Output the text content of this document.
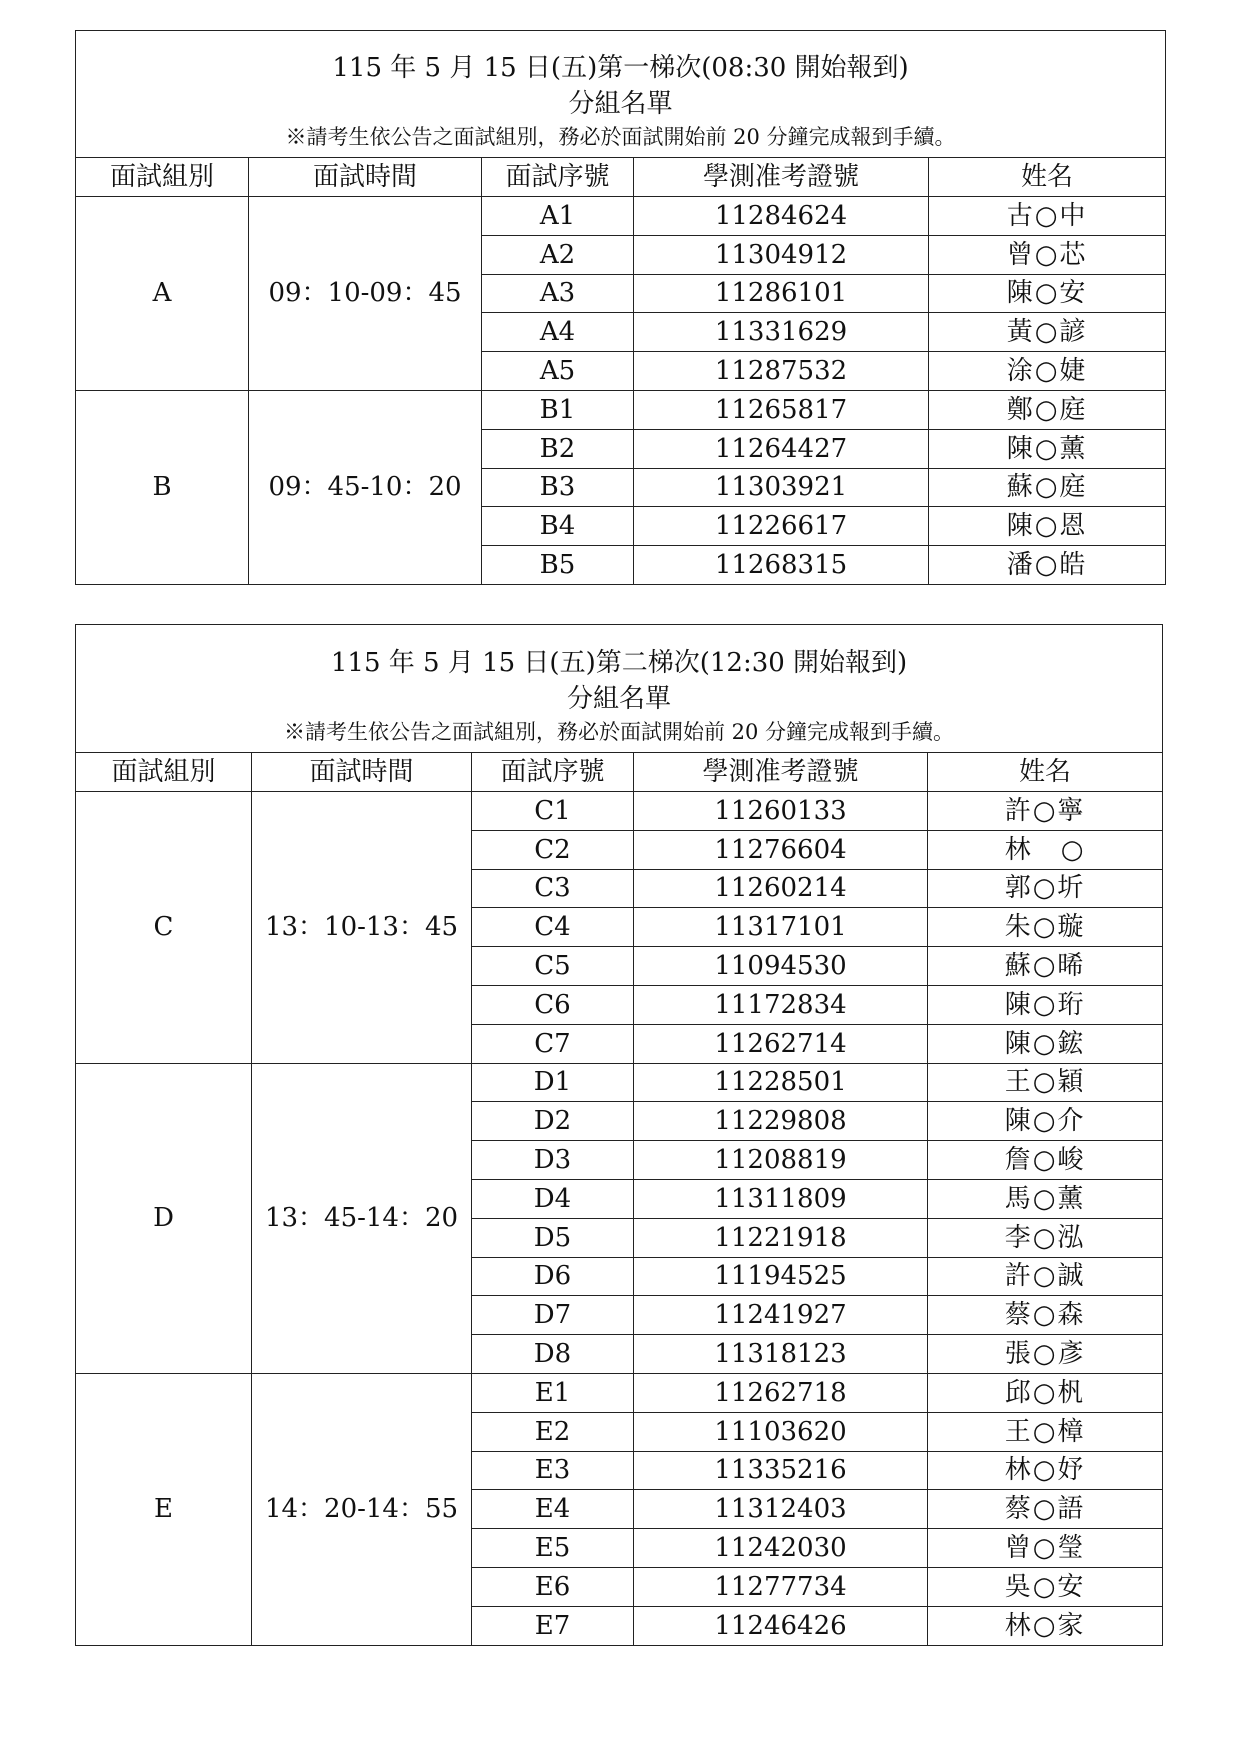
115 年 5 月 15 日(五)第一梯次(08:30 開始報到)
分組名單
※請考生依公告之面試組別，務必於面試開始前 20 分鐘完成報到手續。				

面試組別	面試時間	面試序號	學測准考證號	姓名
A	09：10-09：45	A1	11284624	古○中
		A2	11304912	曾○芯
		A3	11286101	陳○安
		A4	11331629	黃○諺
		A5	11287532	涂○婕
B	09：45-10：20	B1	11265817	鄭○庭
		B2	11264427	陳○薰
		B3	11303921	蘇○庭
		B4	11226617	陳○恩
		B5	11268315	潘○皓
115 年 5 月 15 日(五)第二梯次(12:30 開始報到)
分組名單
※請考生依公告之面試組別，務必於面試開始前 20 分鐘完成報到手續。				

面試組別	面試時間	面試序號	學測准考證號	姓名
C	13：10-13：45	C1	11260133	許○寧
		C2	11276604	林　○
		C3	11260214	郭○圻
		C4	11317101	朱○璇
		C5	11094530	蘇○晞
		C6	11172834	陳○珩
		C7	11262714	陳○鋐
D	13：45-14：20	D1	11228501	王○穎
		D2	11229808	陳○介
		D3	11208819	詹○峻
		D4	11311809	馬○薰
		D5	11221918	李○泓
		D6	11194525	許○誠
		D7	11241927	蔡○森
		D8	11318123	張○彥
E	14：20-14：55	E1	11262718	邱○杋
		E2	11103620	王○樟
		E3	11335216	林○妤
		E4	11312403	蔡○語
		E5	11242030	曾○瑩
		E6	11277734	吳○安
		E7	11246426	林○家
